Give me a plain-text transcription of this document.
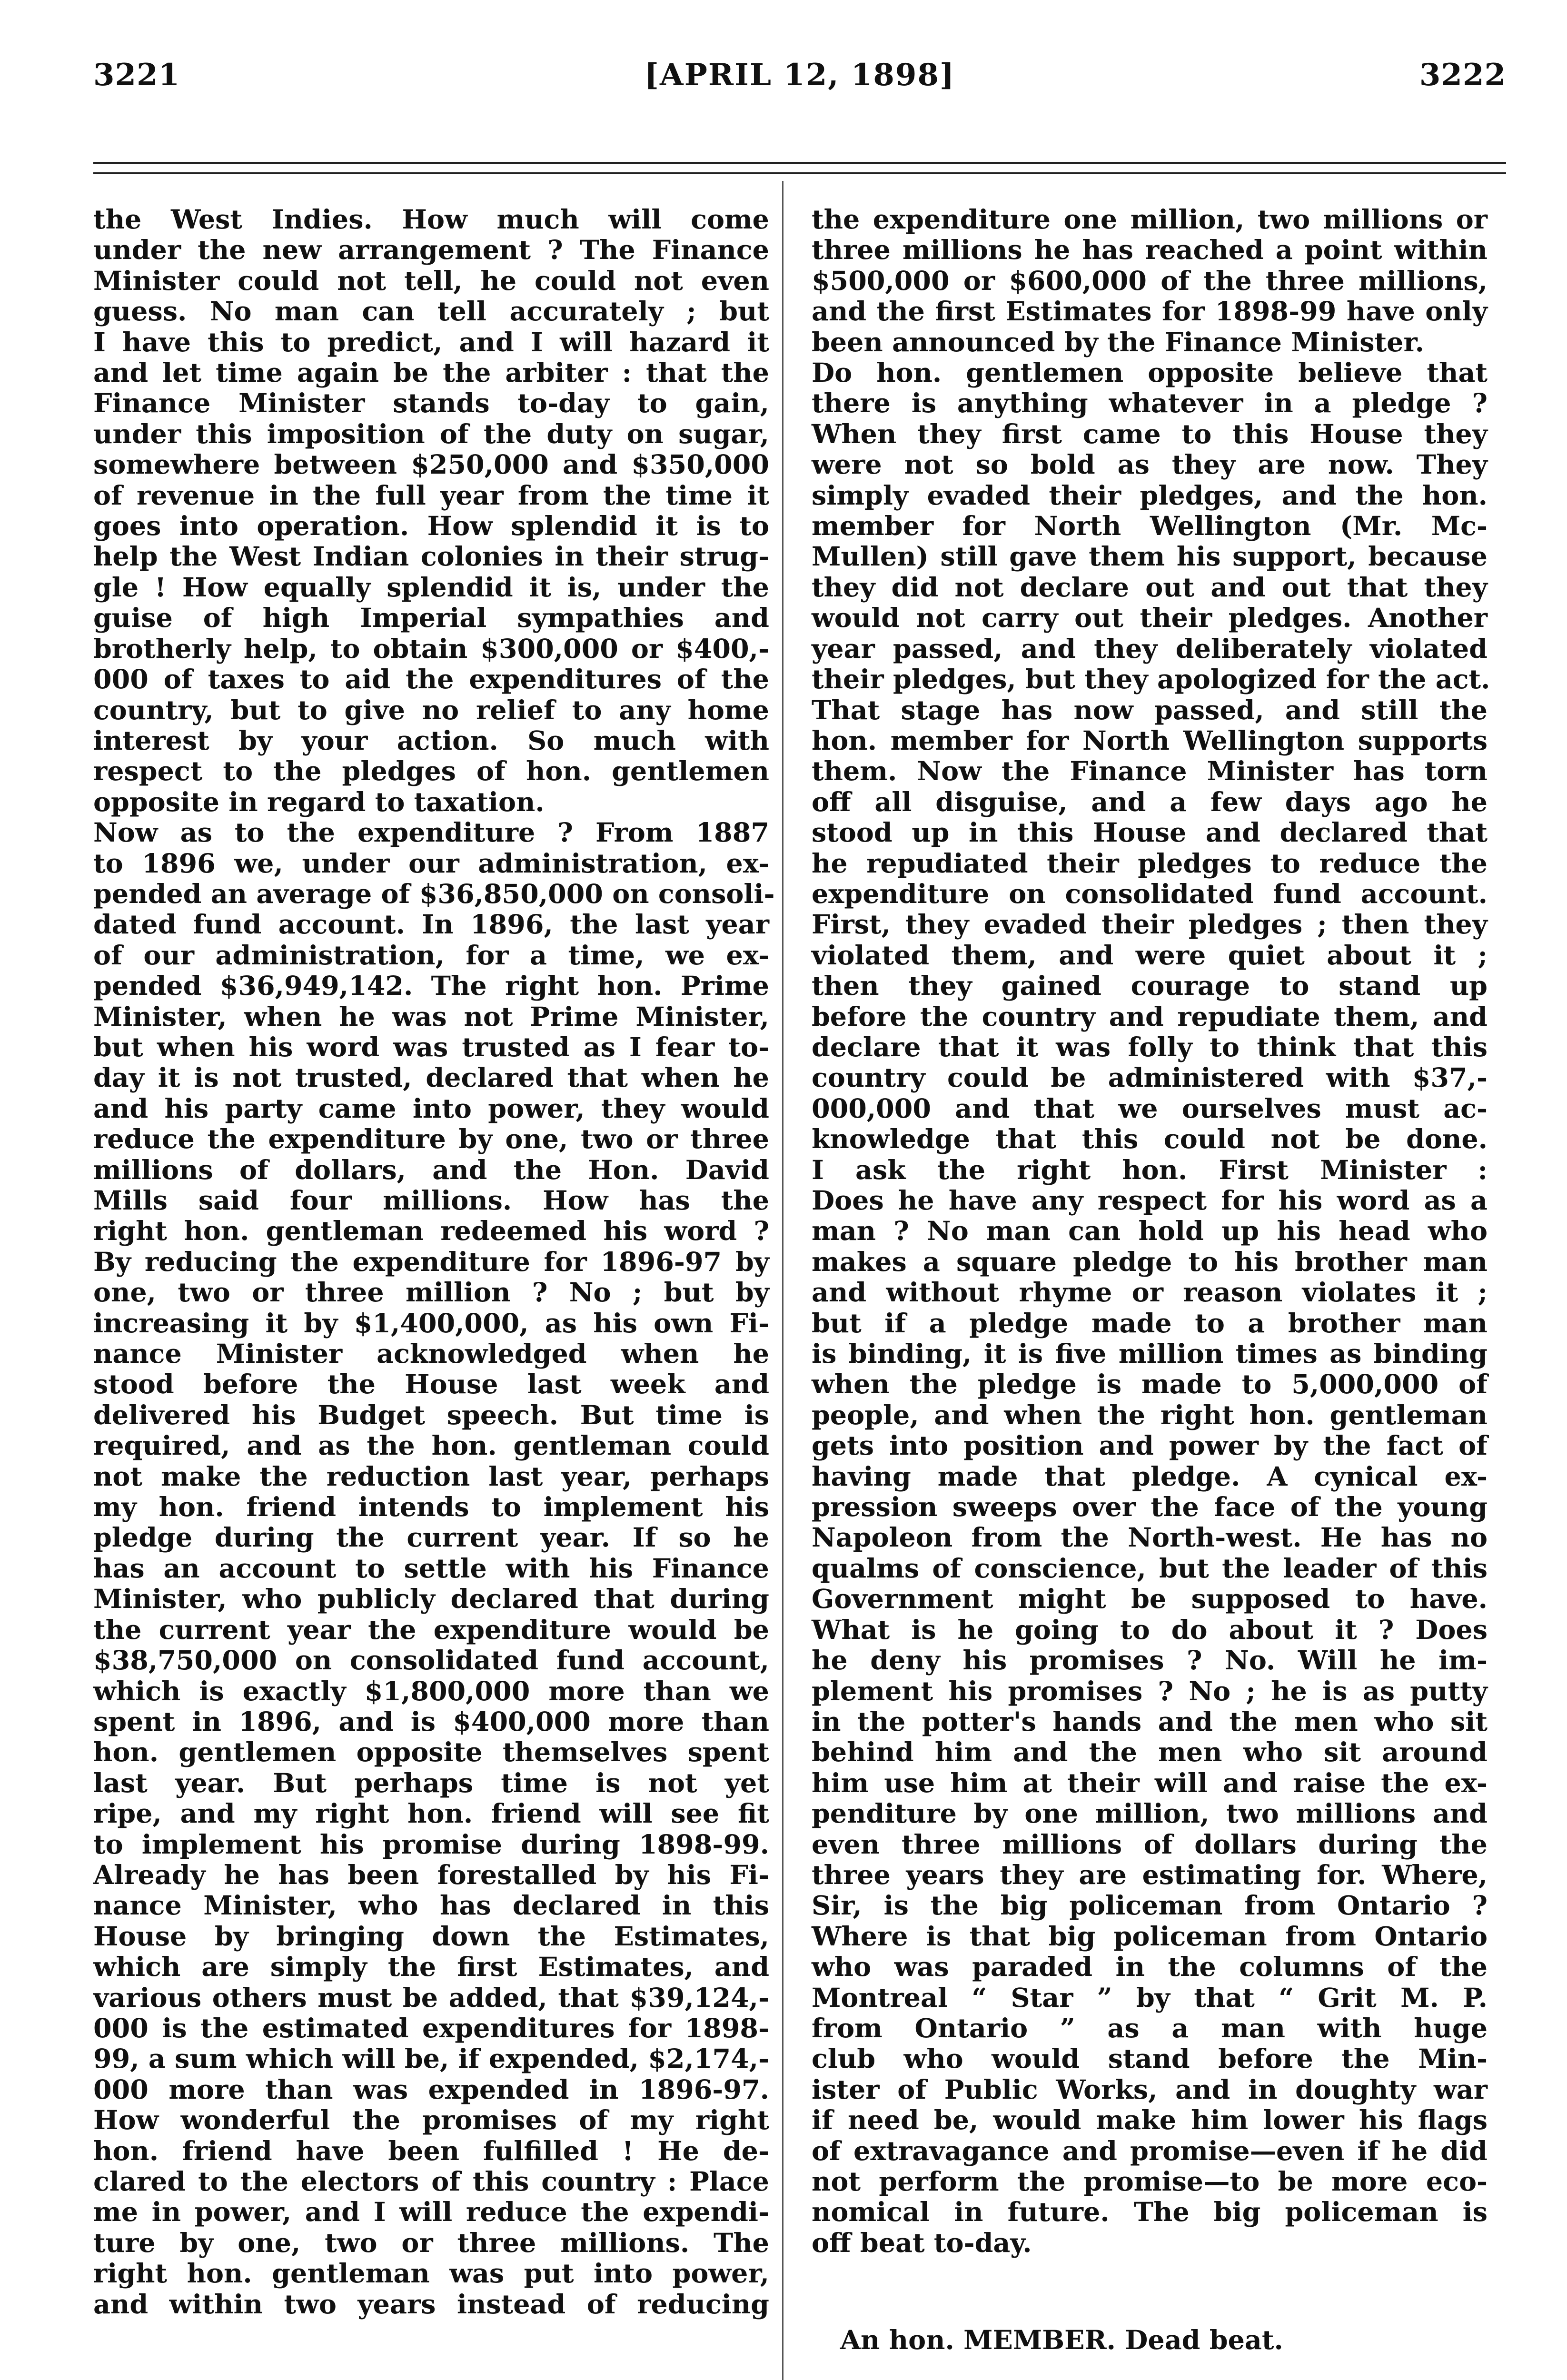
3221	[APRIL 12, 1898]	3222

the West Indies. How much will come

under the new arrangement ? The Finance

Minister could not tell, he could not even

guess. No man can tell accurately ; but

I have this to predict, and I will hazard it

and let time again be the arbiter : that the

Finance Minister stands to-day to gain,

under this imposition of the duty on sugar,

somewhere between $250,000 and $350,000

of revenue in the full year from the time it

goes into operation. How splendid it is to

help the West Indian colonies in their strug-

gle ! How equally splendid it is, under the

guise of high Imperial sympathies and

brotherly help, to obtain $300,000 or $400,-

000 of taxes to aid the expenditures of the

country, but to give no relief to any home

interest by your action. So much with

respect to the pledges of hon. gentlemen

opposite in regard to taxation.

Now as to the expenditure ? From 1887

to 1896 we, under our administration, ex-

pended an average of $36,850,000 on consoli-

dated fund account. In 1896, the last year

of our administration, for a time, we ex-

pended $36,949,142. The right hon. Prime

Minister, when he was not Prime Minister,

but when his word was trusted as I fear to-

day it is not trusted, declared that when he

and his party came into power, they would

reduce the expenditure by one, two or three

millions of dollars, and the Hon. David

Mills said four millions. How has the

right hon. gentleman redeemed his word ?

By reducing the expenditure for 1896-97 by

one, two or three million ? No ; but by

increasing it by $1,400,000, as his own Fi-

nance Minister acknowledged when he

stood before the House last week and

delivered his Budget speech. But time is

required, and as the hon. gentleman could

not make the reduction last year, perhaps

my hon. friend intends to implement his

pledge during the current year. If so he

has an account to settle with his Finance

Minister, who publicly declared that during

the current year the expenditure would be

$38,750,000 on consolidated fund account,

which is exactly $1,800,000 more than we

spent in 1896, and is $400,000 more than

hon. gentlemen opposite themselves spent

last year. But perhaps time is not yet

ripe, and my right hon. friend will see fit

to implement his promise during 1898-99.

Already he has been forestalled by his Fi-

nance Minister, who has declared in this

House by bringing down the Estimates,

which are simply the first Estimates, and

various others must be added, that $39,124,-

000 is the estimated expenditures for 1898-

99, a sum which will be, if expended, $2,174,-

000 more than was expended in 1896-97.

How wonderful the promises of my right

hon. friend have been fulfilled ! He de-

clared to the electors of this country : Place

me in power, and I will reduce the expendi-

ture by one, two or three millions. The

right hon. gentleman was put into power,

and within two years instead of reducing

the expenditure one million, two millions or

three millions he has reached a point within

$500,000 or $600,000 of the three millions,

and the first Estimates for 1898-99 have only

been announced by the Finance Minister.

Do hon. gentlemen opposite believe that

there is anything whatever in a pledge ?

When they first came to this House they

were not so bold as they are now. They

simply evaded their pledges, and the hon.

member for North Wellington (Mr. Mc-

Mullen) still gave them his support, because

they did not declare out and out that they

would not carry out their pledges. Another

year passed, and they deliberately violated

their pledges, but they apologized for the act.

That stage has now passed, and still the

hon. member for North Wellington supports

them. Now the Finance Minister has torn

off all disguise, and a few days ago he

stood up in this House and declared that

he repudiated their pledges to reduce the

expenditure on consolidated fund account.

First, they evaded their pledges ; then they

violated them, and were quiet about it ;

then they gained courage to stand up

before the country and repudiate them, and

declare that it was folly to think that this

country could be administered with $37,-

000,000 and that we ourselves must ac-

knowledge that this could not be done.

I ask the right hon. First Minister :

Does he have any respect for his word as a

man ? No man can hold up his head who

makes a square pledge to his brother man

and without rhyme or reason violates it ;

but if a pledge made to a brother man

is binding, it is five million times as binding

when the pledge is made to 5,000,000 of

people, and when the right hon. gentleman

gets into position and power by the fact of

having made that pledge. A cynical ex-

pression sweeps over the face of the young

Napoleon from the North-west. He has no

qualms of conscience, but the leader of this

Government might be supposed to have.

What is he going to do about it ? Does

he deny his promises ? No. Will he im-

plement his promises ? No ; he is as putty

in the potter's hands and the men who sit

behind him and the men who sit around

him use him at their will and raise the ex-

penditure by one million, two millions and

even three millions of dollars during the

three years they are estimating for. Where,

Sir, is the big policeman from Ontario ?

Where is that big policeman from Ontario

who was paraded in the columns of the

Montreal “ Star ” by that “ Grit M. P.

from Ontario ” as a man with huge

club who would stand before the Min-

ister of Public Works, and in doughty war

if need be, would make him lower his flags

of extravagance and promise—even if he did

not perform the promise—to be more eco-

nomical in future. The big policeman is

off beat to-day.

An hon. MEMBER. Dead beat.
